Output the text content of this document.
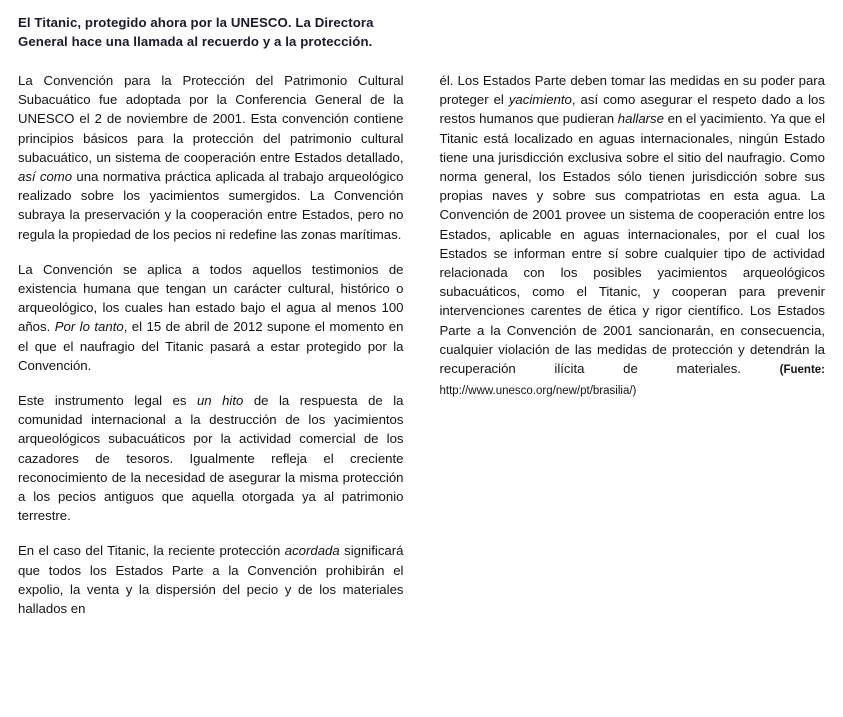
El Titanic, protegido ahora por la UNESCO. La Directora General hace una llamada al recuerdo y a la protección.

La Convención para la Protección del Patrimonio Cultural Subacuático fue adoptada por la Conferencia General de la UNESCO el 2 de noviembre de 2001. Esta convención contiene principios básicos para la protección del patrimonio cultural subacuático, un sistema de cooperación entre Estados detallado, así como una normativa práctica aplicada al trabajo arqueológico realizado sobre los yacimientos sumergidos. La Convención subraya la preservación y la cooperación entre Estados, pero no regula la propiedad de los pecios ni redefine las zonas marítimas.

La Convención se aplica a todos aquellos testimonios de existencia humana que tengan un carácter cultural, histórico o arqueológico, los cuales han estado bajo el agua al menos 100 años. Por lo tanto, el 15 de abril de 2012 supone el momento en el que el naufragio del Titanic pasará a estar protegido por la Convención.

Este instrumento legal es un hito de la respuesta de la comunidad internacional a la destrucción de los yacimientos arqueológicos subacuáticos por la actividad comercial de los cazadores de tesoros. Igualmente refleja el creciente reconocimiento de la necesidad de asegurar la misma protección a los pecios antiguos que aquella otorgada ya al patrimonio terrestre.

En el caso del Titanic, la reciente protección acordada significará que todos los Estados Parte a la Convención prohibirán el expolio, la venta y la dispersión del pecio y de los materiales hallados en

él. Los Estados Parte deben tomar las medidas en su poder para proteger el yacimiento, así como asegurar el respeto dado a los restos humanos que pudieran hallarse en el yacimiento. Ya que el Titanic está localizado en aguas internacionales, ningún Estado tiene una jurisdicción exclusiva sobre el sitio del naufragio. Como norma general, los Estados sólo tienen jurisdicción sobre sus propias naves y sobre sus compatriotas en esta agua. La Convención de 2001 provee un sistema de cooperación entre los Estados, aplicable en aguas internacionales, por el cual los Estados se informan entre sí sobre cualquier tipo de actividad relacionada con los posibles yacimientos arqueológicos subacuáticos, como el Titanic, y cooperan para prevenir intervenciones carentes de ética y rigor científico. Los Estados Parte a la Convención de 2001 sancionarán, en consecuencia, cualquier violación de las medidas de protección y detendrán la recuperación ilícita de materiales. (Fuente: http://www.unesco.org/new/pt/brasilia/)
